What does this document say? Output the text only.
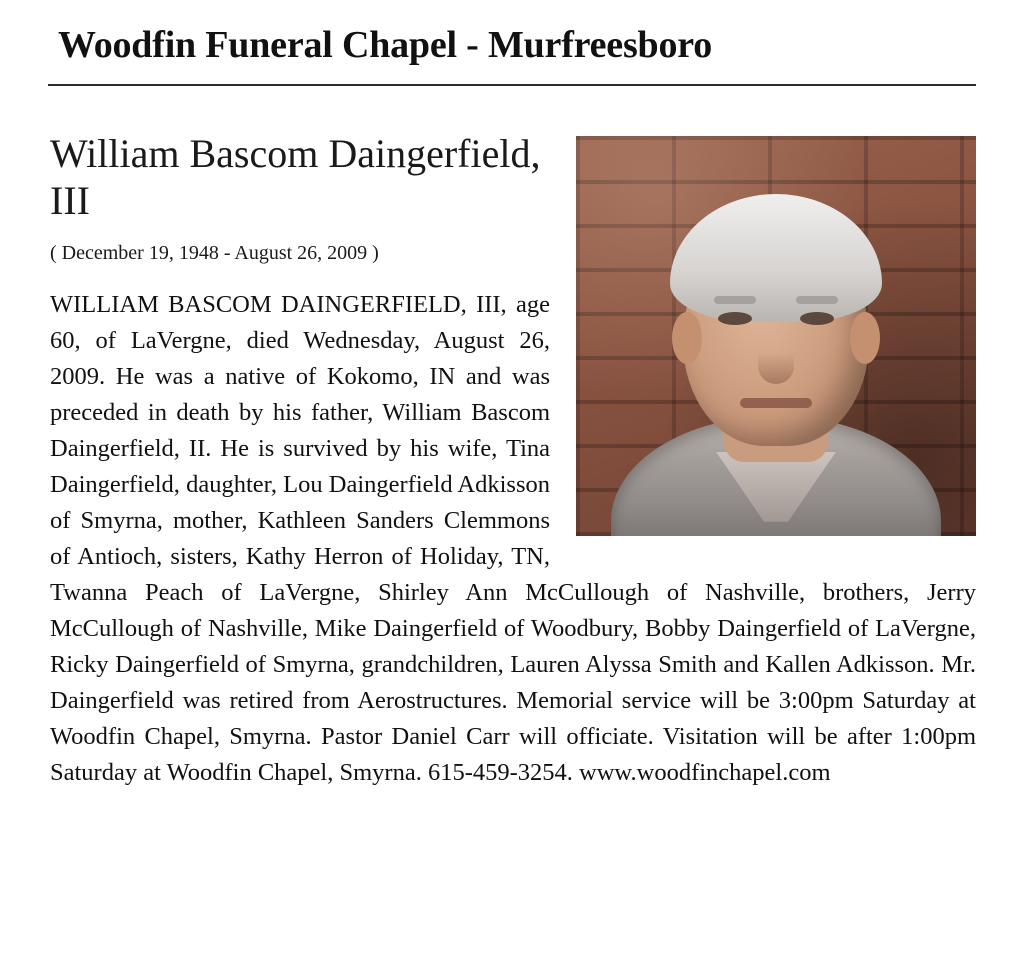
Woodfin Funeral Chapel - Murfreesboro
William Bascom Daingerfield, III
( December 19, 1948 - August 26, 2009 )

WILLIAM BASCOM DAINGERFIELD, III, age 60, of LaVergne, died Wednesday, August 26, 2009. He was a native of Kokomo, IN and was preceded in death by his father, William Bascom Daingerfield, II. He is survived by his wife, Tina Daingerfield, daughter, Lou Daingerfield Adkisson of Smyrna, mother, Kathleen Sanders Clemmons of Antioch, sisters, Kathy Herron of Holiday, TN, Twanna Peach of LaVergne, Shirley Ann McCullough of Nashville, brothers, Jerry McCullough of Nashville, Mike Daingerfield of Woodbury, Bobby Daingerfield of LaVergne, Ricky Daingerfield of Smyrna, grandchildren, Lauren Alyssa Smith and Kallen Adkisson. Mr. Daingerfield was retired from Aerostructures. Memorial service will be 3:00pm Saturday at Woodfin Chapel, Smyrna. Pastor Daniel Carr will officiate. Visitation will be after 1:00pm Saturday at Woodfin Chapel, Smyrna. 615-459-3254. www.woodfinchapel.com
